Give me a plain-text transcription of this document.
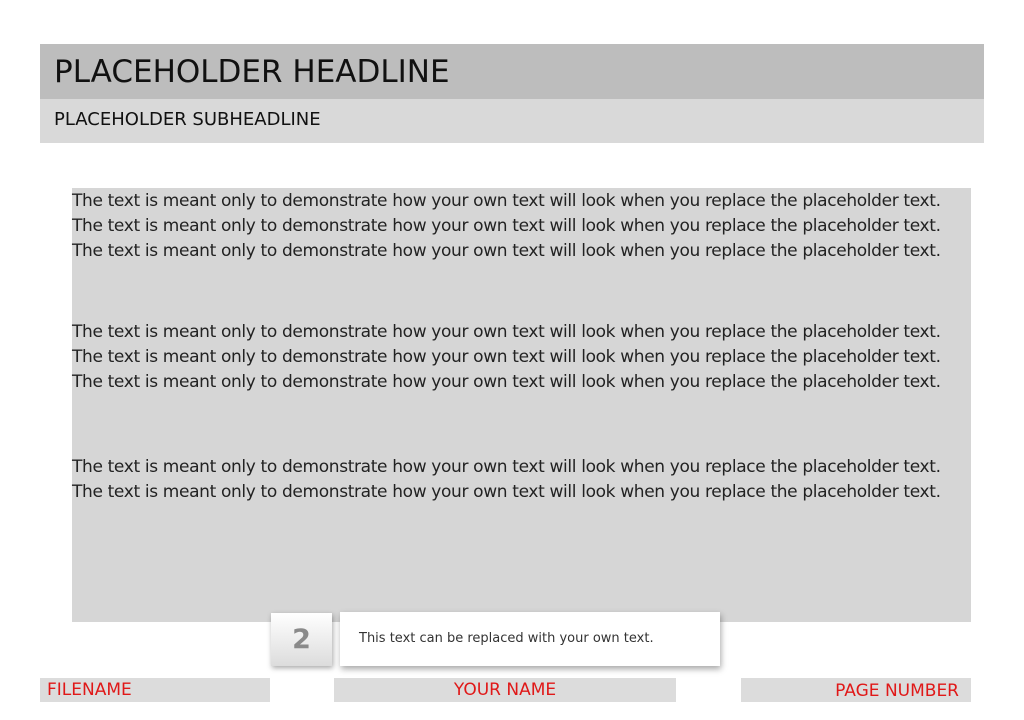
PLACEHOLDER HEADLINE
PLACEHOLDER SUBHEADLINE

The text is meant only to demonstrate how your own text will look when you replace the placeholder text. The text is meant only to demonstrate how your own text will look when you replace the placeholder text. The text is meant only to demonstrate how your own text will look when you replace the placeholder text.

The text is meant only to demonstrate how your own text will look when you replace the placeholder text. The text is meant only to demonstrate how your own text will look when you replace the placeholder text. The text is meant only to demonstrate how your own text will look when you replace the placeholder text.

The text is meant only to demonstrate how your own text will look when you replace the placeholder text. The text is meant only to demonstrate how your own text will look when you replace the placeholder text.

2	This text can be replaced with your own text.
FILENAME	YOUR NAME	PAGE NUMBER
